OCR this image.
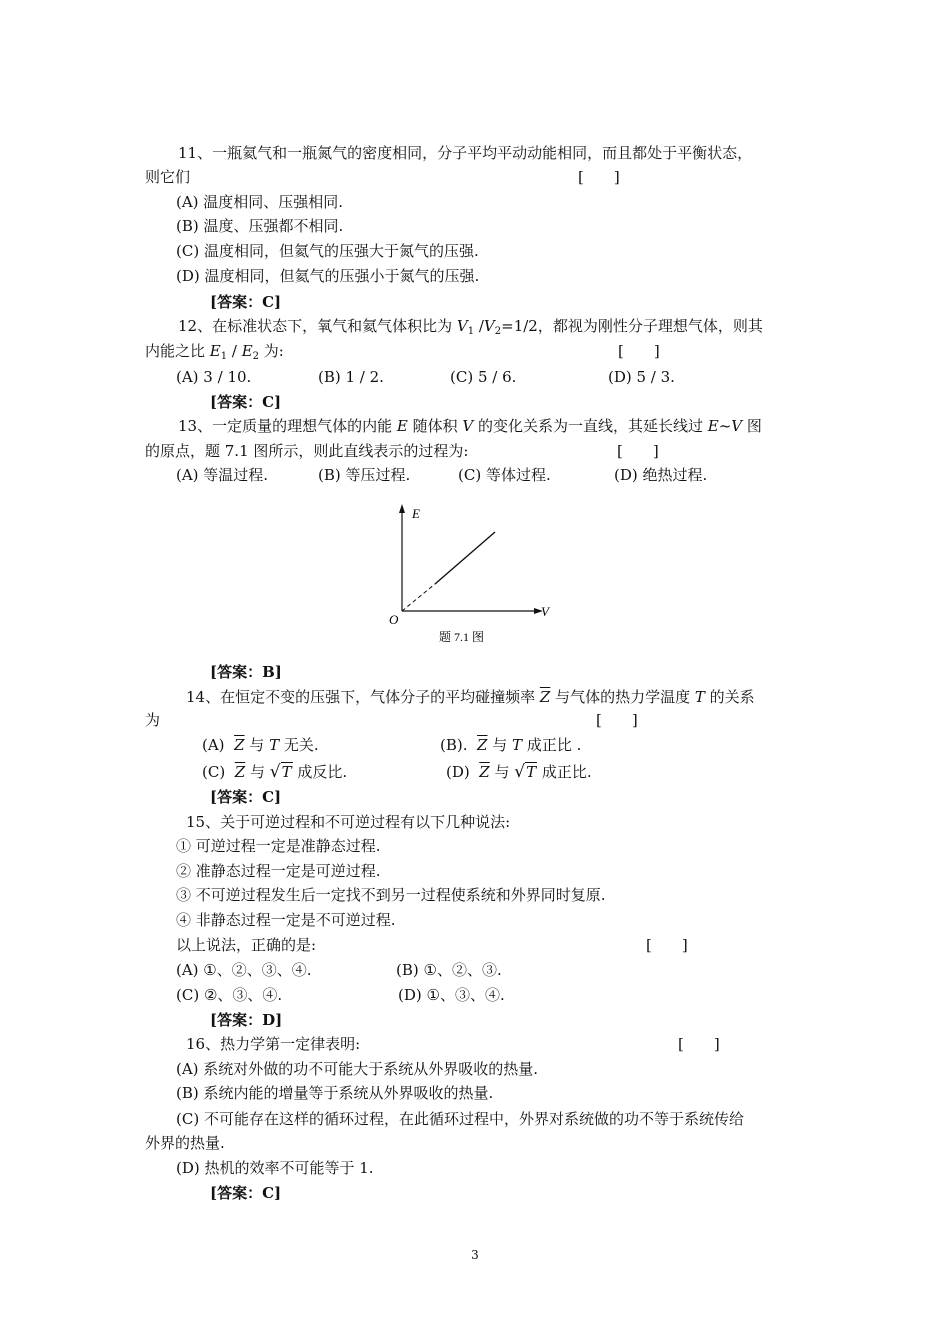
11、一瓶氦气和一瓶氮气的密度相同，分子平均平动动能相同，而且都处于平衡状态，
则它们	[　　]
(A) 温度相同、压强相同.
(B) 温度、压强都不相同.
(C) 温度相同，但氦气的压强大于氮气的压强.
(D) 温度相同，但氦气的压强小于氮气的压强.
[答案：C]
12、在标准状态下，氧气和氦气体积比为 $V_1$ $/V_2=1/2$，都视为刚性分子理想气体，则其
内能之比 $E_1 / E_2$ 为:	[　　]
(A) 3 / 10.	(B) 1 / 2.	(C) 5 / 6.	(D) 5 / 3.
[答案：C]
13、一定质量的理想气体的内能 E 随体积 V 的变化关系为一直线，其延长线过 E~V 图
的原点，题 7.1 图所示，则此直线表示的过程为:	[　　]
(A) 等温过程.	(B) 等压过程.	(C) 等体过程.	(D) 绝热过程.
E
V
O
题 7.1 图
[答案：B]
14、在恒定不变的压强下，气体分子的平均碰撞频率 $\overline{Z}$ 与气体的热力学温度 T 的关系
为	[　　]
(A) $\overline{Z}$ 与 T 无关.	(B). $\overline{Z}$ 与 T 成正比 .
(C) $\overline{Z}$ 与 √T 成反比.	(D) $\overline{Z}$ 与 √T 成正比.
[答案：C]
15、关于可逆过程和不可逆过程有以下几种说法:
① 可逆过程一定是准静态过程.
② 准静态过程一定是可逆过程.
③ 不可逆过程发生后一定找不到另一过程使系统和外界同时复原.
④ 非静态过程一定是不可逆过程.
以上说法，正确的是:	[　　]
(A) ①、②、③、④.	(B) ①、②、③.
(C) ②、③、④.	(D) ①、③、④.
[答案：D]
16、热力学第一定律表明:	[　　]
(A) 系统对外做的功不可能大于系统从外界吸收的热量.
(B) 系统内能的增量等于系统从外界吸收的热量.
(C) 不可能存在这样的循环过程，在此循环过程中，外界对系统做的功不等于系统传给
外界的热量.
(D) 热机的效率不可能等于 1.
[答案：C]
3
